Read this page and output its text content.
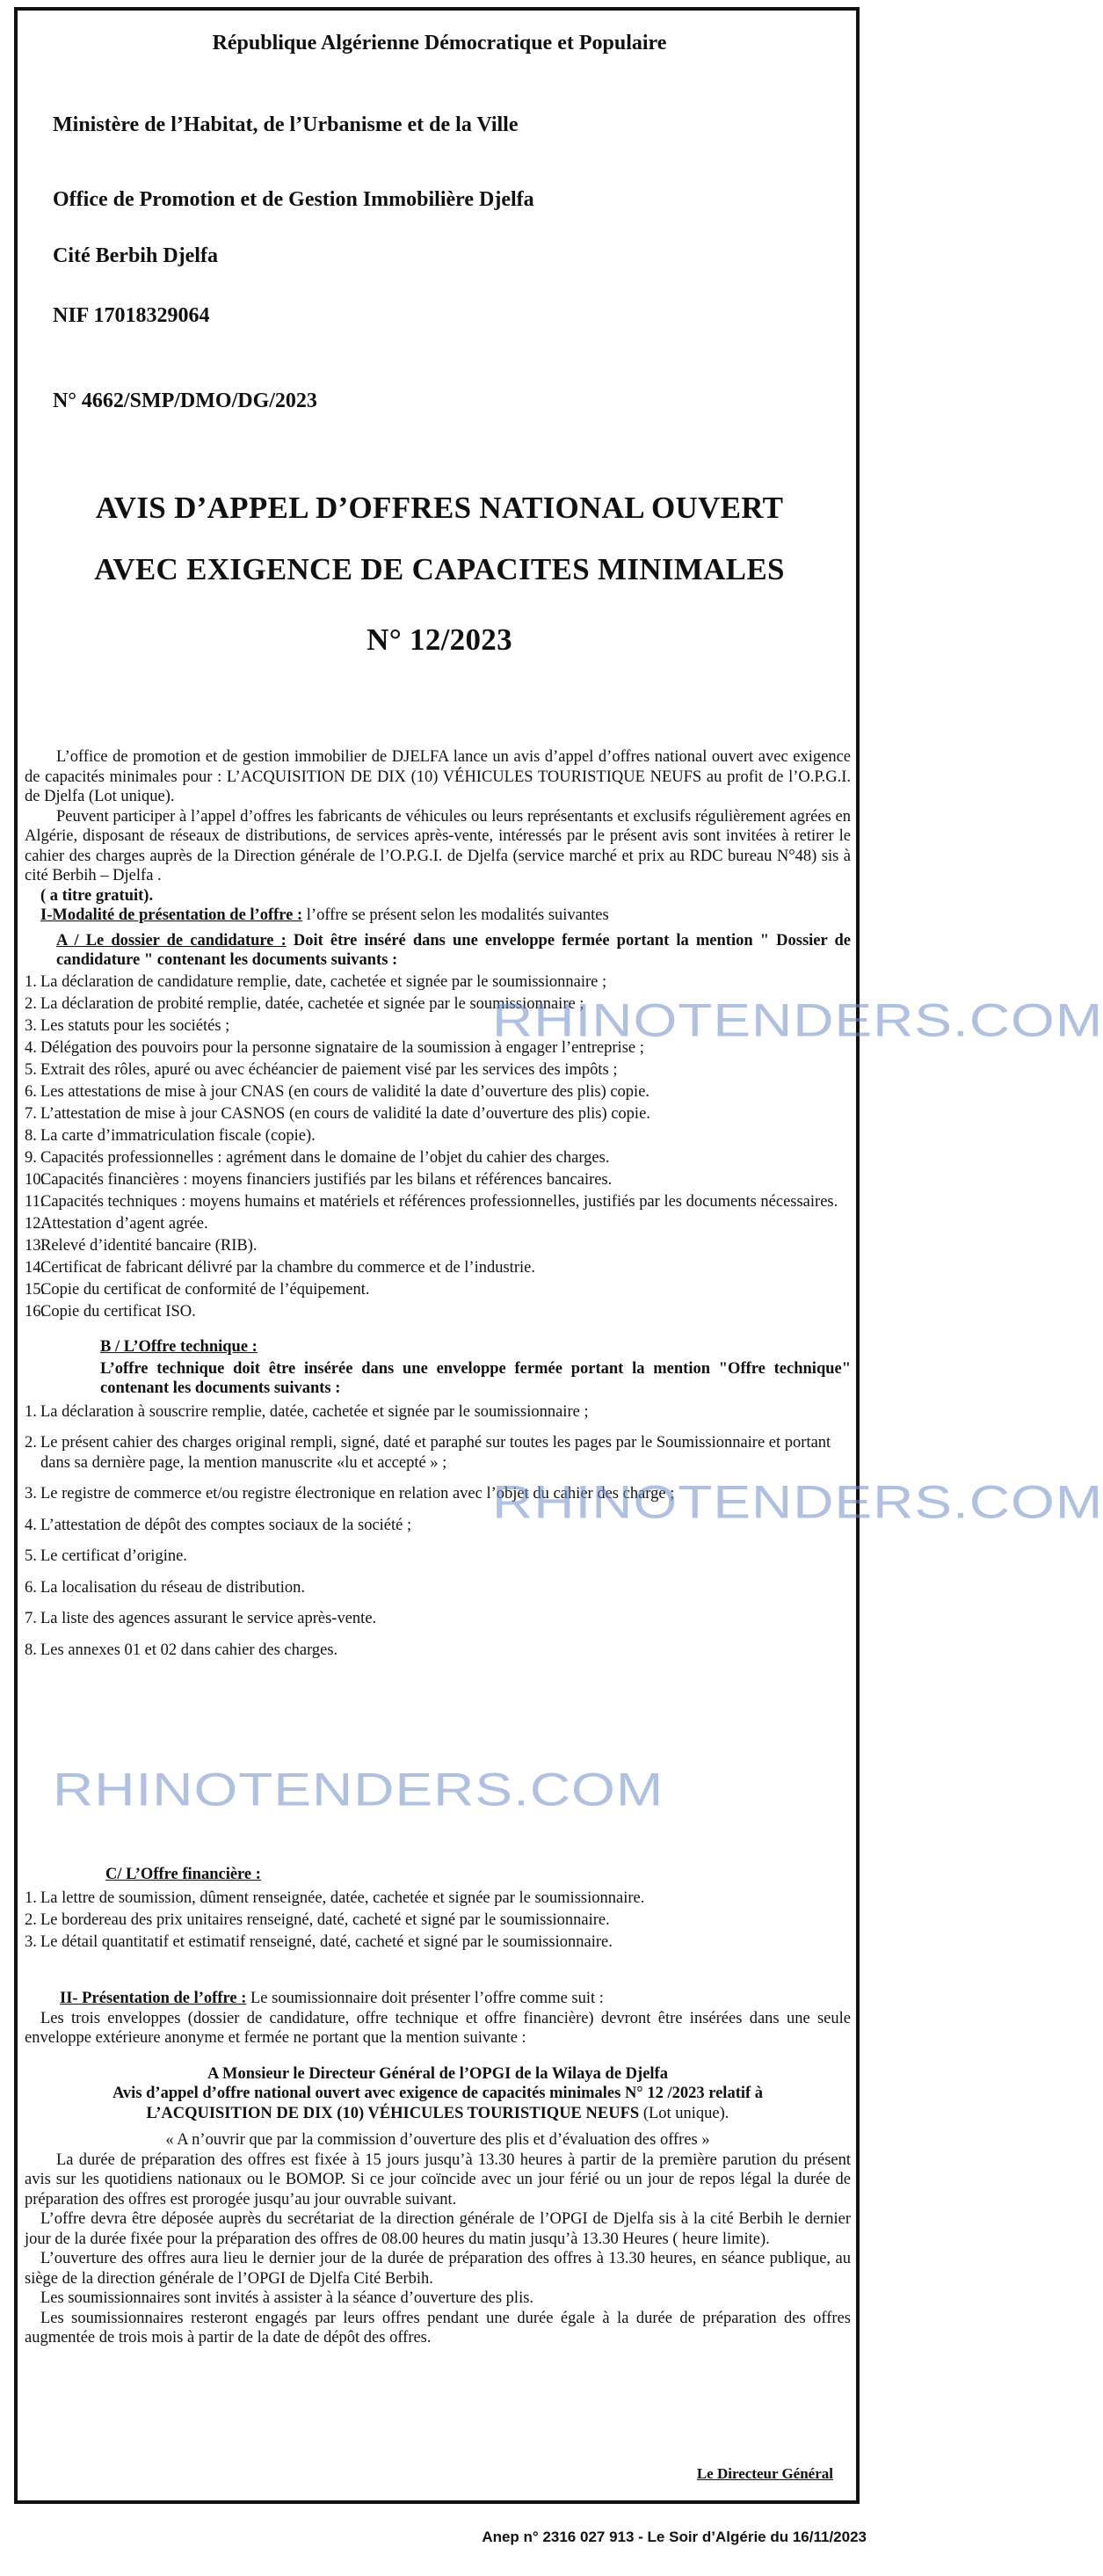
République Algérienne Démocratique et Populaire
Ministère de l’Habitat, de l’Urbanisme et de la Ville
Office de Promotion et de Gestion Immobilière Djelfa
Cité Berbih Djelfa
NIF 17018329064
N° 4662/SMP/DMO/DG/2023
AVIS D’APPEL D’OFFRES NATIONAL OUVERT
AVEC EXIGENCE DE CAPACITES MINIMALES
N° 12/2023

L’office de promotion et de gestion immobilier de DJELFA lance un avis d’appel d’offres national ouvert avec exigence de capacités minimales pour : L’ACQUISITION DE DIX (10) VÉHICULES TOURISTIQUE NEUFS au profit de l’O.P.G.I. de Djelfa (Lot unique).

Peuvent participer à l’appel d’offres les fabricants de véhicules ou leurs représentants et exclusifs régulièrement agrées en Algérie, disposant de réseaux de distributions, de services après-vente, intéressés par le présent avis sont invitées à retirer le cahier des charges auprès de la Direction générale de l’O.P.G.I. de Djelfa (service marché et prix au RDC bureau N°48) sis à cité Berbih – Djelfa .

( a titre gratuit).

I-Modalité de présentation de l’offre : l’offre se présent selon les modalités suivantes

A / Le dossier de candidature : Doit être inséré dans une enveloppe fermée portant la mention " Dossier de candidature " contenant les documents suivants :

1. La déclaration de candidature remplie, date, cachetée et signée par le soumissionnaire ;
2. La déclaration de probité remplie, datée, cachetée et signée par le soumissionnaire ;
3. Les statuts pour les sociétés ;
4. Délégation des pouvoirs pour la personne signataire de la soumission à engager l’entreprise ;
5. Extrait des rôles, apuré ou avec échéancier de paiement visé par les services des impôts ;
6. Les attestations de mise à jour CNAS (en cours de validité la date d’ouverture des plis) copie.
7. L’attestation de mise à jour CASNOS (en cours de validité la date d’ouverture des plis) copie.
8. La carte d’immatriculation fiscale (copie).
9. Capacités professionnelles : agrément dans le domaine de l’objet du cahier des charges.
10.
Capacités financières : moyens financiers justifiés par les bilans et références bancaires.
11.
Capacités techniques : moyens humains et matériels et références professionnelles, justifiés par les documents nécessaires.
12.
Attestation d’agent agrée.
13.
Relevé d’identité bancaire (RIB).
14.
Certificat de fabricant délivré par la chambre du commerce et de l’industrie.
15.
Copie du certificat de conformité de l’équipement.
16.
Copie du certificat ISO.

B / L’Offre technique :

L’offre technique doit être insérée dans une enveloppe fermée portant la mention "Offre technique" contenant les documents suivants :

1. La déclaration à souscrire remplie, datée, cachetée et signée par le soumissionnaire ;
2. Le présent cahier des charges original rempli, signé, daté et paraphé sur toutes les pages par le Soumissionnaire et portant dans sa dernière page, la mention manuscrite «lu et accepté » ;
3. Le registre de commerce et/ou registre électronique en relation avec l’objet du cahier des charge ;
4. L’attestation de dépôt des comptes sociaux de la société ;
5. Le certificat d’origine.
6. La localisation du réseau de distribution.
7. La liste des agences assurant le service après-vente.
8. Les annexes 01 et 02 dans cahier des charges.

C/ L’Offre financière :

1. La lettre de soumission, dûment renseignée, datée, cachetée et signée par le soumissionnaire.
2. Le bordereau des prix unitaires renseigné, daté, cacheté et signé par le soumissionnaire.
3. Le détail quantitatif et estimatif renseigné, daté, cacheté et signé par le soumissionnaire.

II- Présentation de l’offre : Le soumissionnaire doit présenter l’offre comme suit :

Les trois enveloppes (dossier de candidature, offre technique et offre financière) devront être insérées dans une seule enveloppe extérieure anonyme et fermée ne portant que la mention suivante :

A Monsieur le Directeur Général de l’OPGI de la Wilaya de Djelfa

Avis d’appel d’offre national ouvert avec exigence de capacités minimales N° 12 /2023 relatif à

L’ACQUISITION DE DIX (10) VÉHICULES TOURISTIQUE NEUFS (Lot unique).

« A n’ouvrir que par la commission d’ouverture des plis et d’évaluation des offres »

La durée de préparation des offres est fixée à 15 jours jusqu’à 13.30 heures à partir de la première parution du présent avis sur les quotidiens nationaux ou le BOMOP. Si ce jour coïncide avec un jour férié ou un jour de repos légal la durée de préparation des offres est prorogée jusqu’au jour ouvrable suivant.

L’offre devra être déposée auprès du secrétariat de la direction générale de l’OPGI de Djelfa sis à la cité Berbih le dernier jour de la durée fixée pour la préparation des offres de 08.00 heures du matin jusqu’à 13.30 Heures ( heure limite).

L’ouverture des offres aura lieu le dernier jour de la durée de préparation des offres à 13.30 heures, en séance publique, au siège de la direction générale de l’OPGI de Djelfa Cité Berbih.

Les soumissionnaires sont invités à assister à la séance d’ouverture des plis.

Les soumissionnaires resteront engagés par leurs offres pendant une durée égale à la durée de préparation des offres augmentée de trois mois à partir de la date de dépôt des offres.

Le Directeur Général
RHINOTENDERS.COM
RHINOTENDERS.COM
RHINOTENDERS.COM
Anep n° 2316 027 913 - Le Soir d’Algérie du 16/11/2023
